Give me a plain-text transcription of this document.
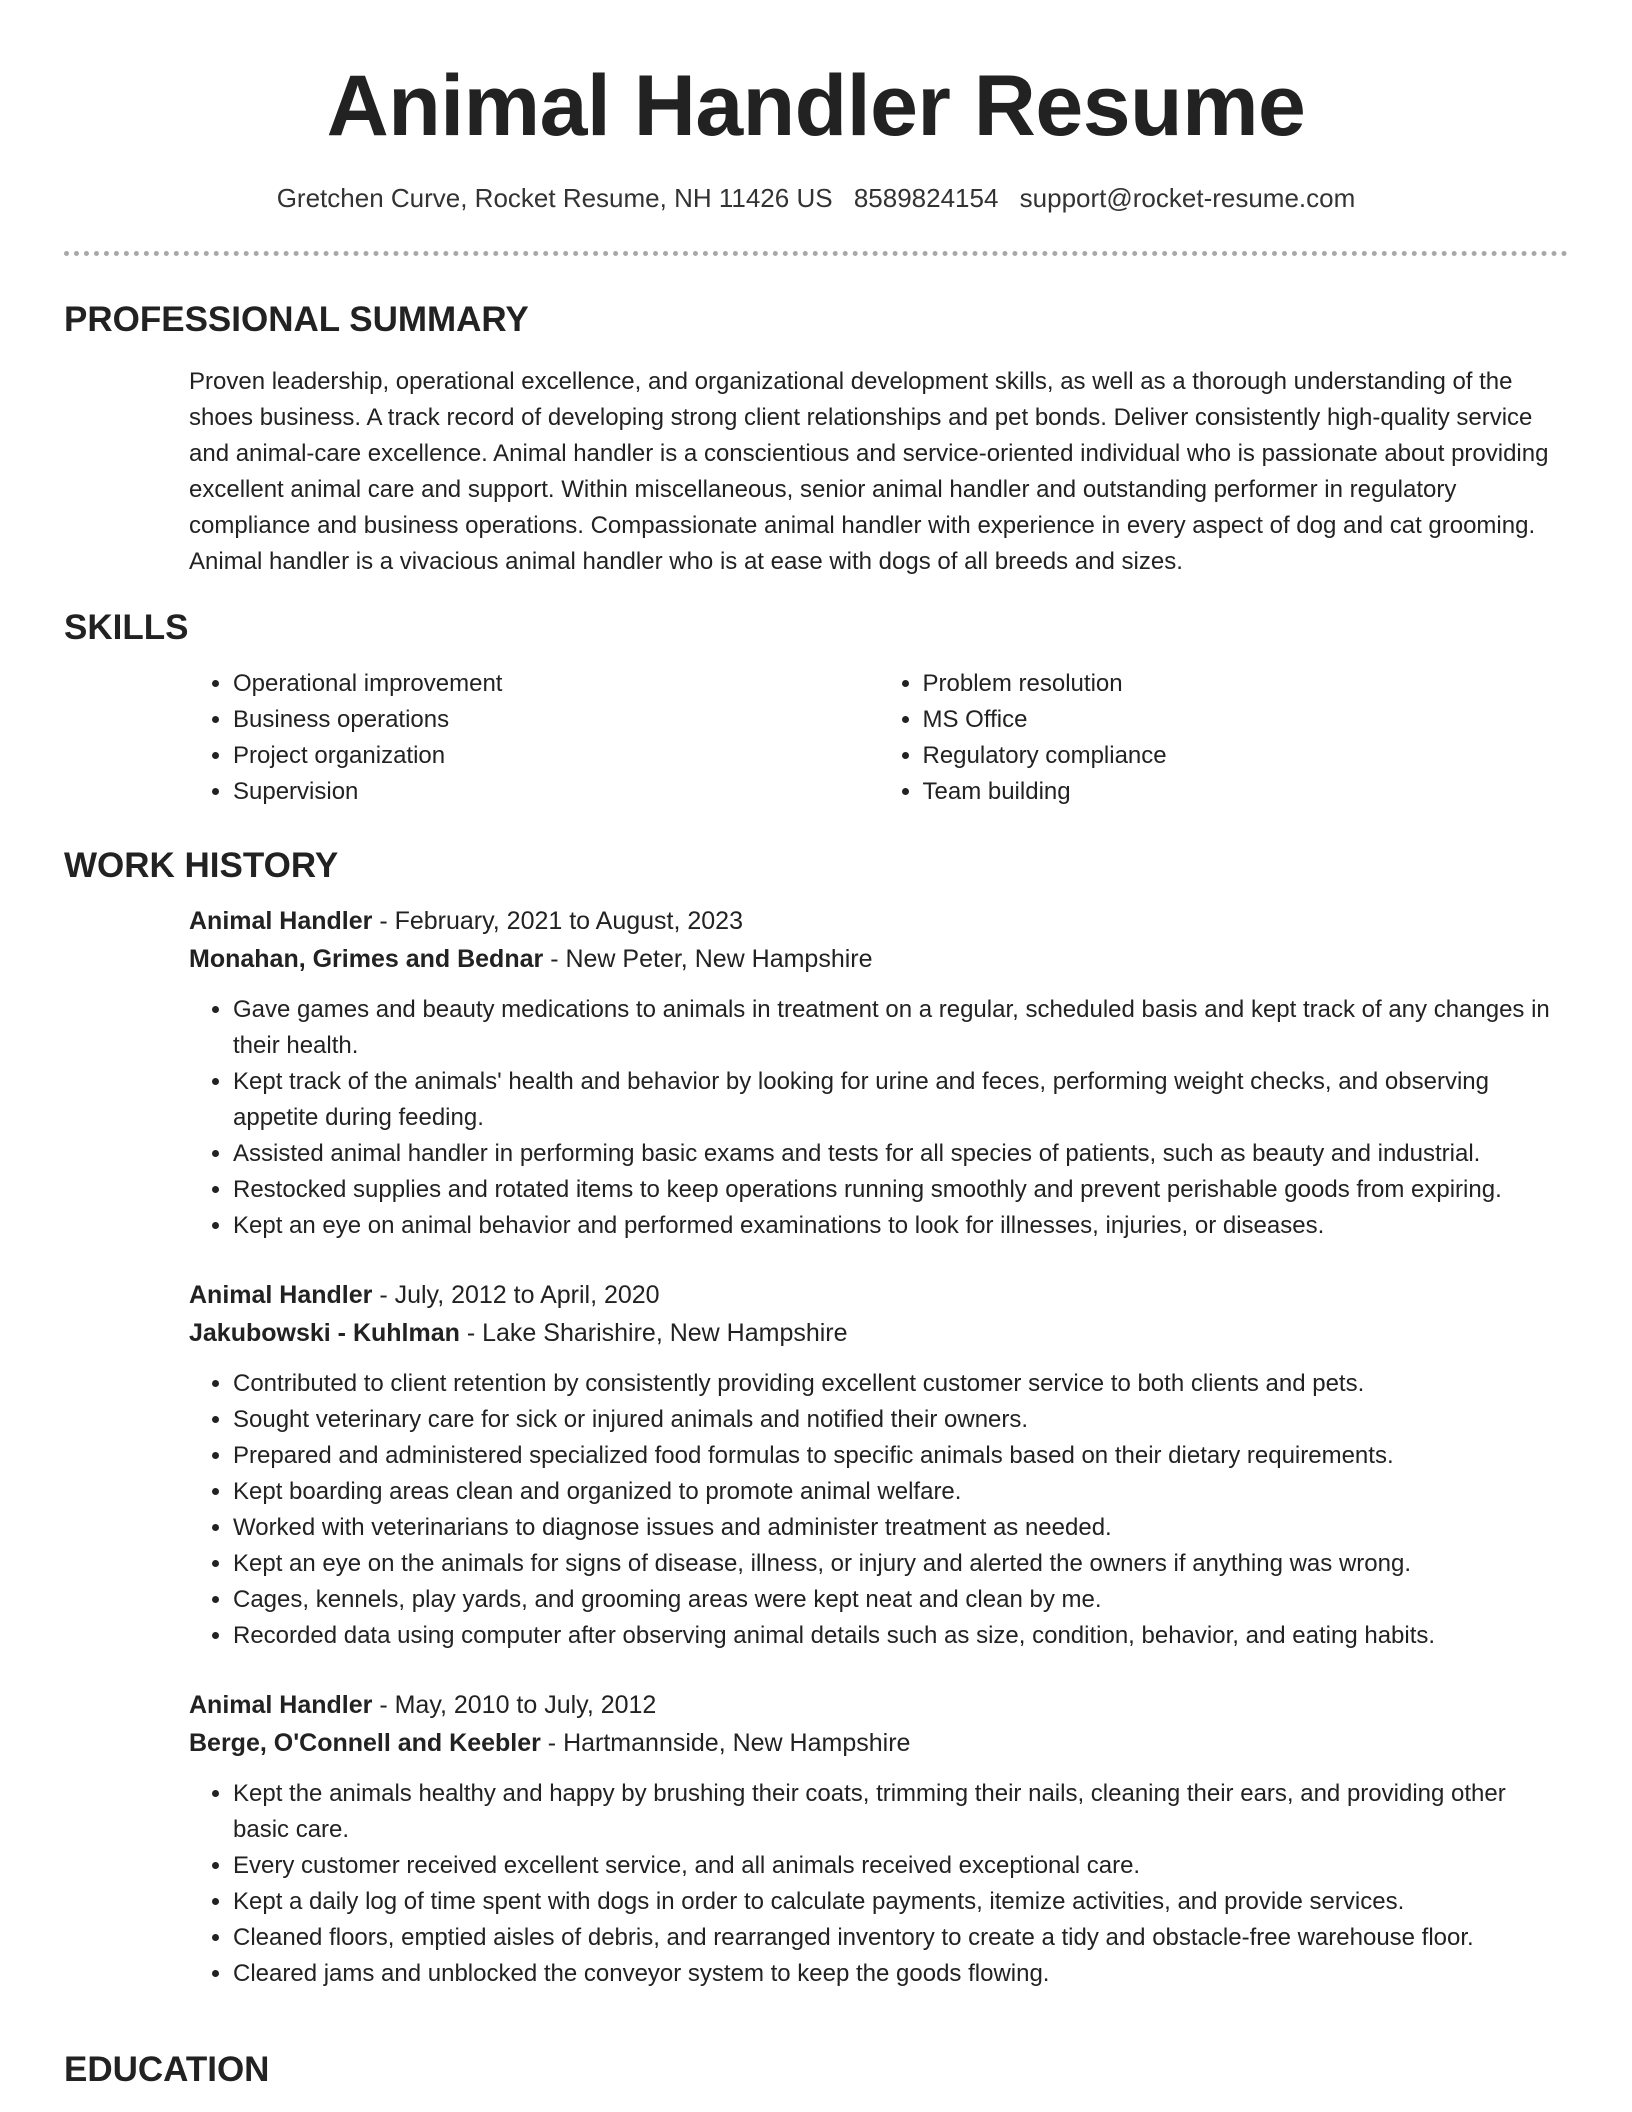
Animal Handler Resume
Gretchen Curve, Rocket Resume, NH 11426 US 8589824154 support@rocket-resume.com
PROFESSIONAL SUMMARY
Proven leadership, operational excellence, and organizational development skills, as well as a thorough understanding of the shoes business. A track record of developing strong client relationships and pet bonds. Deliver consistently high-quality service and animal-care excellence. Animal handler is a conscientious and service-oriented individual who is passionate about providing excellent animal care and support. Within miscellaneous, senior animal handler and outstanding performer in regulatory compliance and business operations. Compassionate animal handler with experience in every aspect of dog and cat grooming. Animal handler is a vivacious animal handler who is at ease with dogs of all breeds and sizes.
SKILLS
• Operational improvement
• Business operations
• Project organization
• Supervision
• Problem resolution
• MS Office
• Regulatory compliance
• Team building
WORK HISTORY
Animal Handler - February, 2021 to August, 2023
Monahan, Grimes and Bednar - New Peter, New Hampshire
• Gave games and beauty medications to animals in treatment on a regular, scheduled basis and kept track of any changes in their health.
• Kept track of the animals' health and behavior by looking for urine and feces, performing weight checks, and observing appetite during feeding.
• Assisted animal handler in performing basic exams and tests for all species of patients, such as beauty and industrial.
• Restocked supplies and rotated items to keep operations running smoothly and prevent perishable goods from expiring.
• Kept an eye on animal behavior and performed examinations to look for illnesses, injuries, or diseases.
Animal Handler - July, 2012 to April, 2020
Jakubowski - Kuhlman - Lake Sharishire, New Hampshire
• Contributed to client retention by consistently providing excellent customer service to both clients and pets.
• Sought veterinary care for sick or injured animals and notified their owners.
• Prepared and administered specialized food formulas to specific animals based on their dietary requirements.
• Kept boarding areas clean and organized to promote animal welfare.
• Worked with veterinarians to diagnose issues and administer treatment as needed.
• Kept an eye on the animals for signs of disease, illness, or injury and alerted the owners if anything was wrong.
• Cages, kennels, play yards, and grooming areas were kept neat and clean by me.
• Recorded data using computer after observing animal details such as size, condition, behavior, and eating habits.
Animal Handler - May, 2010 to July, 2012
Berge, O'Connell and Keebler - Hartmannside, New Hampshire
• Kept the animals healthy and happy by brushing their coats, trimming their nails, cleaning their ears, and providing other basic care.
• Every customer received excellent service, and all animals received exceptional care.
• Kept a daily log of time spent with dogs in order to calculate payments, itemize activities, and provide services.
• Cleaned floors, emptied aisles of debris, and rearranged inventory to create a tidy and obstacle-free warehouse floor.
• Cleared jams and unblocked the conveyor system to keep the goods flowing.
EDUCATION
